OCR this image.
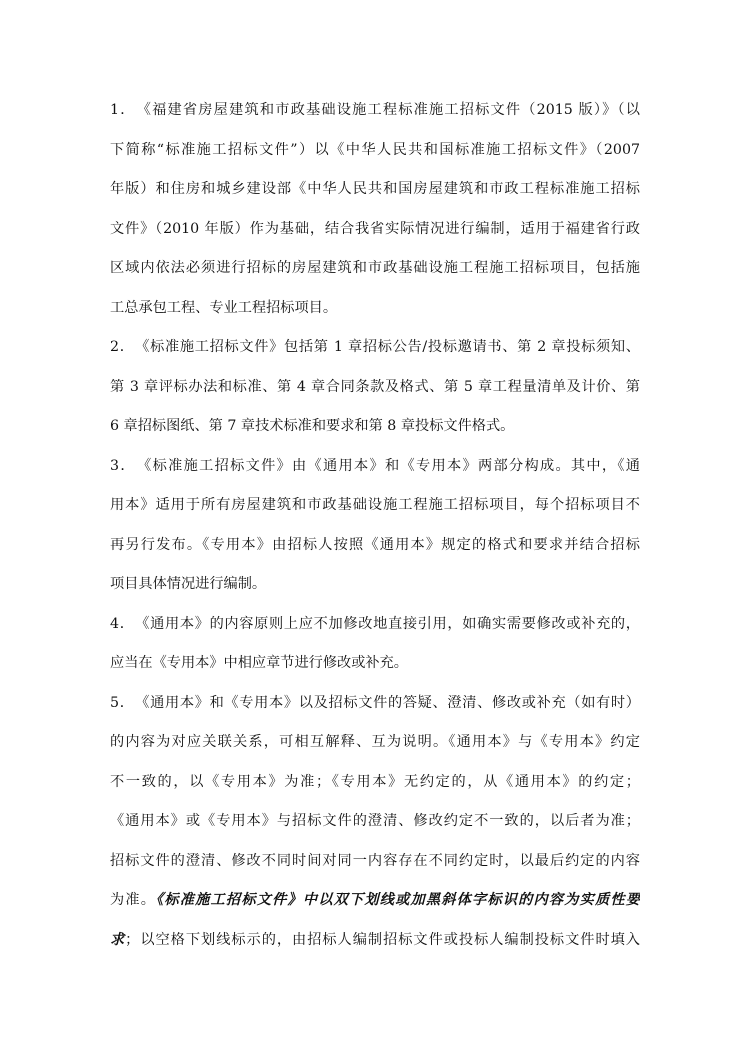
1．　《福建省房屋建筑和市政基础设施工程标准施工招标文件（2015 版）》（以
下简称“标准施工招标文件”）以《中华人民共和国标准施工招标文件》（2007
年版）和住房和城乡建设部《中华人民共和国房屋建筑和市政工程标准施工招标
文件》（2010 年版）作为基础，结合我省实际情况进行编制，适用于福建省行政
区域内依法必须进行招标的房屋建筑和市政基础设施工程施工招标项目，包括施
工总承包工程、专业工程招标项目。
2．　《标准施工招标文件》包括第 1 章招标公告/投标邀请书、第 2 章投标须知、
第 3 章评标办法和标准、第 4 章合同条款及格式、第 5 章工程量清单及计价、第
6 章招标图纸、第 7 章技术标准和要求和第 8 章投标文件格式。
3．　《标准施工招标文件》由《通用本》和《专用本》两部分构成。其中，《通
用本》适用于所有房屋建筑和市政基础设施工程施工招标项目，每个招标项目不
再另行发布。《专用本》由招标人按照《通用本》规定的格式和要求并结合招标
项目具体情况进行编制。
4．　《通用本》的内容原则上应不加修改地直接引用，如确实需要修改或补充的，
应当在《专用本》中相应章节进行修改或补充。
5．　《通用本》和《专用本》以及招标文件的答疑、澄清、修改或补充（如有时）
的内容为对应关联关系，可相互解释、互为说明。《通用本》与《专用本》约定
不一致的，以《专用本》为准；《专用本》无约定的，从《通用本》的约定；
《通用本》或《专用本》与招标文件的澄清、修改约定不一致的，以后者为准；
招标文件的澄清、修改不同时间对同一内容存在不同约定时，以最后约定的内容
为准。《标准施工招标文件》中以双下划线或加黑斜体字标识的内容为实质性要
求；以空格下划线标示的，由招标人编制招标文件或投标人编制投标文件时填入
